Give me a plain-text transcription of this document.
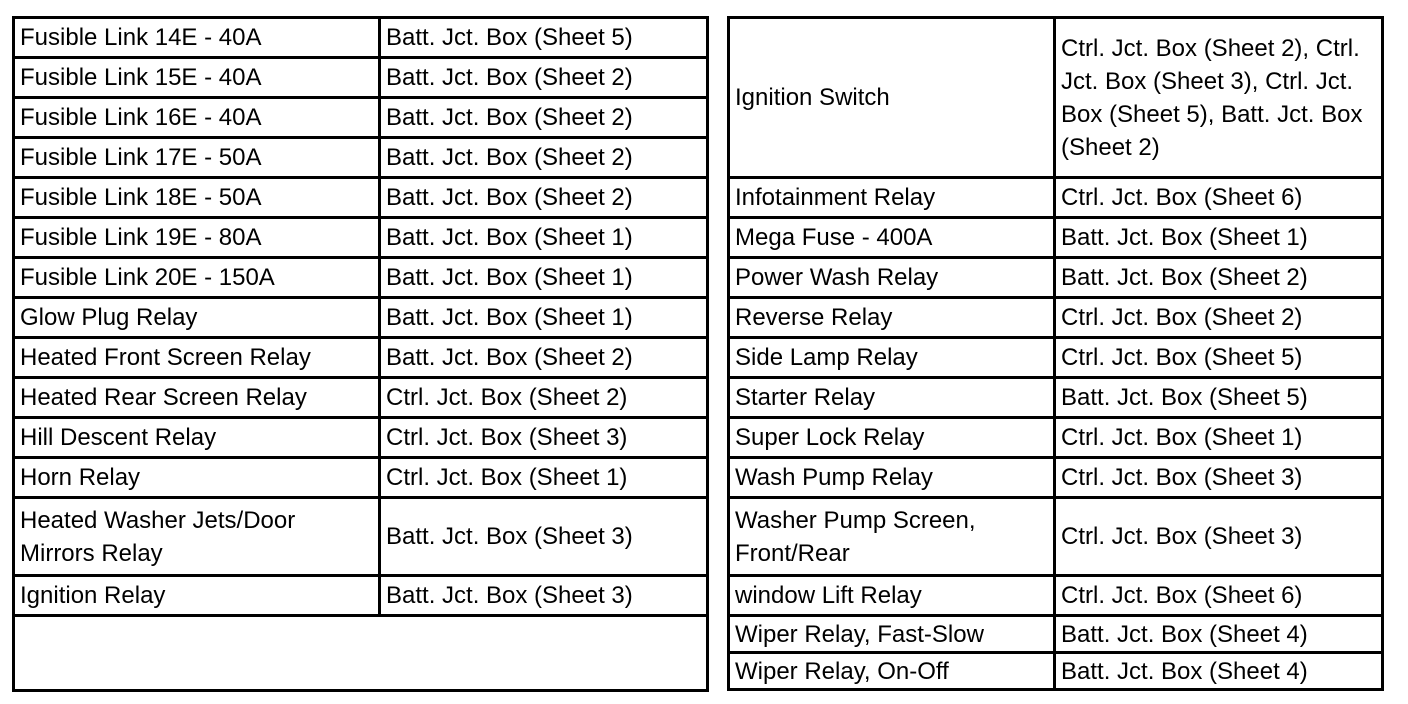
Fusible Link 14E - 40A	Batt. Jct. Box (Sheet 5)
Fusible Link 15E - 40A	Batt. Jct. Box (Sheet 2)
Fusible Link 16E - 40A	Batt. Jct. Box (Sheet 2)
Fusible Link 17E - 50A	Batt. Jct. Box (Sheet 2)
Fusible Link 18E - 50A	Batt. Jct. Box (Sheet 2)
Fusible Link 19E - 80A	Batt. Jct. Box (Sheet 1)
Fusible Link 20E - 150A	Batt. Jct. Box (Sheet 1)
Glow Plug Relay	Batt. Jct. Box (Sheet 1)
Heated Front Screen Relay	Batt. Jct. Box (Sheet 2)
Heated Rear Screen Relay	Ctrl. Jct. Box (Sheet 2)
Hill Descent Relay	Ctrl. Jct. Box (Sheet 3)
Horn Relay	Ctrl. Jct. Box (Sheet 1)
Heated Washer Jets/Door Mirrors Relay	Batt. Jct. Box (Sheet 3)
Ignition Relay	Batt. Jct. Box (Sheet 3)

Ignition Switch	Ctrl. Jct. Box (Sheet 2), Ctrl. Jct. Box (Sheet 3), Ctrl. Jct. Box (Sheet 5), Batt. Jct. Box (Sheet 2)
Infotainment Relay	Ctrl. Jct. Box (Sheet 6)
Mega Fuse - 400A	Batt. Jct. Box (Sheet 1)
Power Wash Relay	Batt. Jct. Box (Sheet 2)
Reverse Relay	Ctrl. Jct. Box (Sheet 2)
Side Lamp Relay	Ctrl. Jct. Box (Sheet 5)
Starter Relay	Batt. Jct. Box (Sheet 5)
Super Lock Relay	Ctrl. Jct. Box (Sheet 1)
Wash Pump Relay	Ctrl. Jct. Box (Sheet 3)
Washer Pump Screen, Front/Rear	Ctrl. Jct. Box (Sheet 3)
window Lift Relay	Ctrl. Jct. Box (Sheet 6)
Wiper Relay, Fast-Slow	Batt. Jct. Box (Sheet 4)
Wiper Relay, On-Off	Batt. Jct. Box (Sheet 4)
